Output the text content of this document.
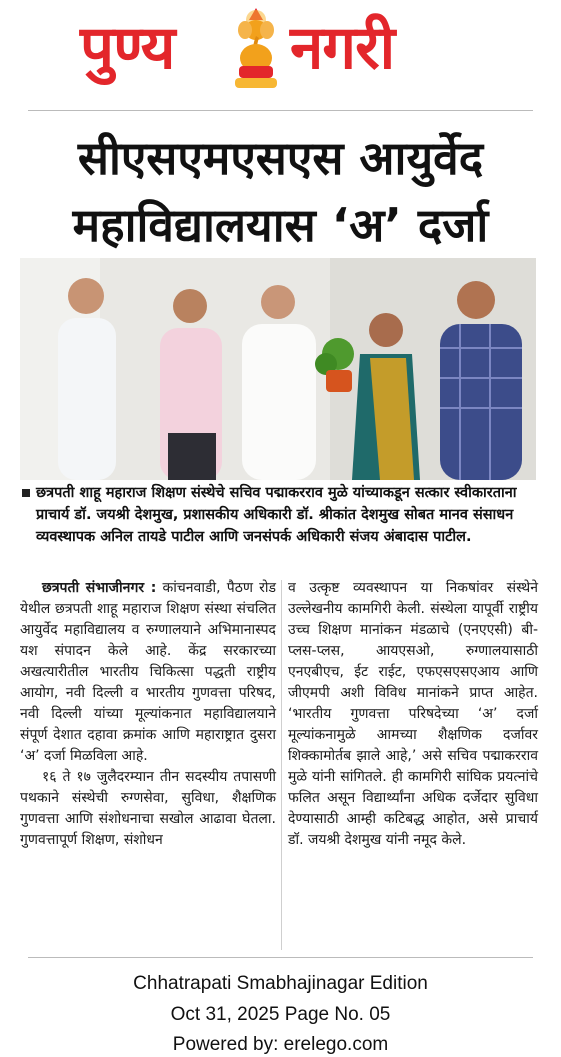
पुण्य नगरी
सीएसएमएसएस आयुर्वेद
महाविद्यालयास ‘अ’ दर्जा
छत्रपती शाहू महाराज शिक्षण संस्थेचे सचिव पद्माकरराव मुळे यांच्याकडून सत्कार स्वीकारताना प्राचार्य डॉ. जयश्री देशमुख, प्रशासकीय अधिकारी डॉ. श्रीकांत देशमुख सोबत मानव संसाधन व्यवस्थापक अनिल तायडे पाटील आणि जनसंपर्क अधिकारी संजय अंबादास पाटील.

छत्रपती संभाजीनगर : कांचनवाडी, पैठण रोड येथील छत्रपती शाहू महाराज शिक्षण संस्था संचलित आयुर्वेद महाविद्यालय व रुग्णालयाने अभिमानास्पद यश संपादन केले आहे. केंद्र सरकारच्या अखत्यारीतील भारतीय चिकित्सा पद्धती राष्ट्रीय आयोग, नवी दिल्ली व भारतीय गुणवत्ता परिषद, नवी दिल्ली यांच्या मूल्यांकनात महाविद्यालयाने संपूर्ण देशात दहावा क्रमांक आणि महाराष्ट्रात दुसरा ‘अ’ दर्जा मिळविला आहे.

१६ ते १७ जुलैदरम्यान तीन सदस्यीय तपासणी पथकाने संस्थेची रुग्णसेवा, सुविधा, शैक्षणिक गुणवत्ता आणि संशोधनाचा सखोल आढावा घेतला. गुणवत्तापूर्ण शिक्षण, संशोधन

व उत्कृष्ट व्यवस्थापन या निकषांवर संस्थेने उल्लेखनीय कामगिरी केली. संस्थेला यापूर्वी राष्ट्रीय उच्च शिक्षण मानांकन मंडळाचे (एनएएसी) बी-प्लस-प्लस, आयएसओ, रुग्णालयासाठी एनएबीएच, ईट राईट, एफएसएसएआय आणि जीएमपी अशी विविध मानांकने प्राप्त आहेत. ‘भारतीय गुणवत्ता परिषदेच्या ‘अ’ दर्जा मूल्यांकनामुळे आमच्या शैक्षणिक दर्जावर शिक्कामोर्तब झाले आहे,’ असे सचिव पद्माकरराव मुळे यांनी सांगितले. ही कामगिरी सांघिक प्रयत्नांचे फलित असून विद्यार्थ्यांना अधिक दर्जेदार सुविधा देण्यासाठी आम्ही कटिबद्ध आहोत, असे प्राचार्य डॉ. जयश्री देशमुख यांनी नमूद केले.

Chhatrapati Smabhajinagar Edition
Oct 31, 2025 Page No. 05
Powered by: erelego.com
